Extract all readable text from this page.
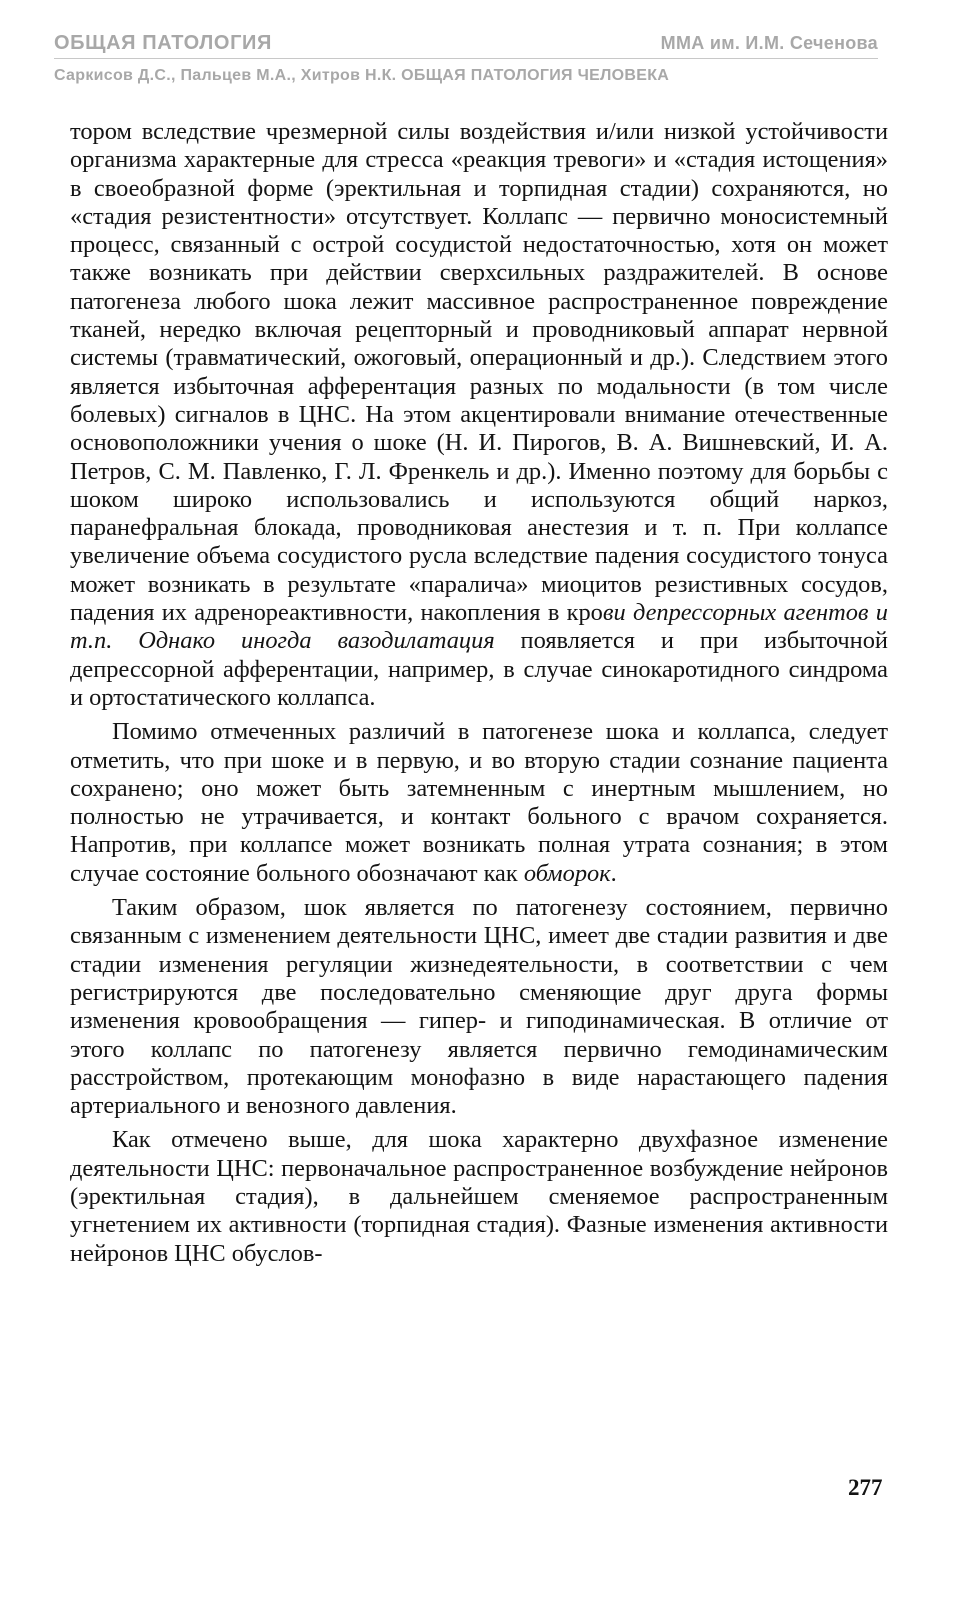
ОБЩАЯ ПАТОЛОГИЯ	ММА им. И.М. Сеченова
Саркисов Д.С., Пальцев М.А., Хитров Н.К. ОБЩАЯ ПАТОЛОГИЯ ЧЕЛОВЕКА

тором вследствие чрезмерной силы воздействия и/или низкой устойчивости организма характерные для стресса «реакция тревоги» и «стадия истощения» в своеобразной форме (эректильная и торпидная стадии) сохраняются, но «стадия резистентности» отсутствует. Коллапс — первично моносистемный процесс, связанный с острой сосудистой недостаточностью, хотя он может также возникать при действии сверхсильных раздражителей. В основе патогенеза любого шока лежит массивное распространенное повреждение тканей, нередко включая рецепторный и проводниковый аппарат нервной системы (травматический, ожоговый, операционный и др.). Следствием этого является избыточная афферентация разных по модальности (в том числе болевых) сигналов в ЦНС. На этом акцентировали внимание отечественные основоположники учения о шоке (Н. И. Пирогов, В. А. Вишневский, И. А. Петров, С. М. Павленко, Г. Л. Френкель и др.). Именно поэтому для борьбы с шоком широко использовались и используются общий наркоз, паранефральная блокада, проводниковая анестезия и т. п. При коллапсе увеличение объема сосудистого русла вследствие падения сосудистого тонуса может возникать в результате «паралича» миоцитов резистивных сосудов, падения их адренореактивности, накопления в крови депрессорных агентов и т.п. Однако иногда вазодилатация появляется и при избыточной депрессорной афферентации, например, в случае синокаротидного синдрома и ортостатического коллапса.

Помимо отмеченных различий в патогенезе шока и коллапса, следует отметить, что при шоке и в первую, и во вторую стадии сознание пациента сохранено; оно может быть затемненным с инертным мышлением, но полностью не утрачивается, и контакт больного с врачом сохраняется. Напротив, при коллапсе может возникать полная утрата сознания; в этом случае состояние больного обозначают как обморок.

Таким образом, шок является по патогенезу состоянием, первично связанным с изменением деятельности ЦНС, имеет две стадии развития и две стадии изменения регуляции жизнедеятельности, в соответствии с чем регистрируются две последовательно сменяющие друг друга формы изменения кровообращения — гипер- и гиподинамическая. В отличие от этого коллапс по патогенезу является первично гемодинамическим расстройством, протекающим монофазно в виде нарастающего падения артериального и венозного давления.

Как отмечено выше, для шока характерно двухфазное изменение деятельности ЦНС: первоначальное распространенное возбуждение нейронов (эректильная стадия), в дальнейшем сменяемое распространенным угнетением их активности (торпидная стадия). Фазные изменения активности нейронов ЦНС обуслов-

277
